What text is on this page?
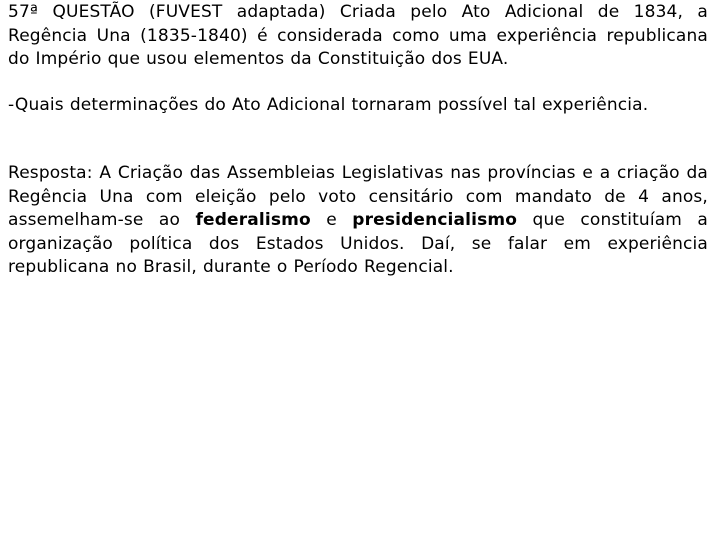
57ª QUESTÃO (FUVEST adaptada) Criada pelo Ato Adicional de 1834, a Regência Una (1835-1840) é considerada como uma experiência republicana do Império que usou elementos da Constituição dos EUA.

-Quais determinações do Ato Adicional tornaram possível tal experiência.

Resposta: A Criação das Assembleias Legislativas nas províncias e a criação da Regência Una com eleição pelo voto censitário com mandato de 4 anos, assemelham-se ao federalismo e presidencialismo que constituíam a organização política dos Estados Unidos. Daí, se falar em experiência republicana no Brasil, durante o Período Regencial.
